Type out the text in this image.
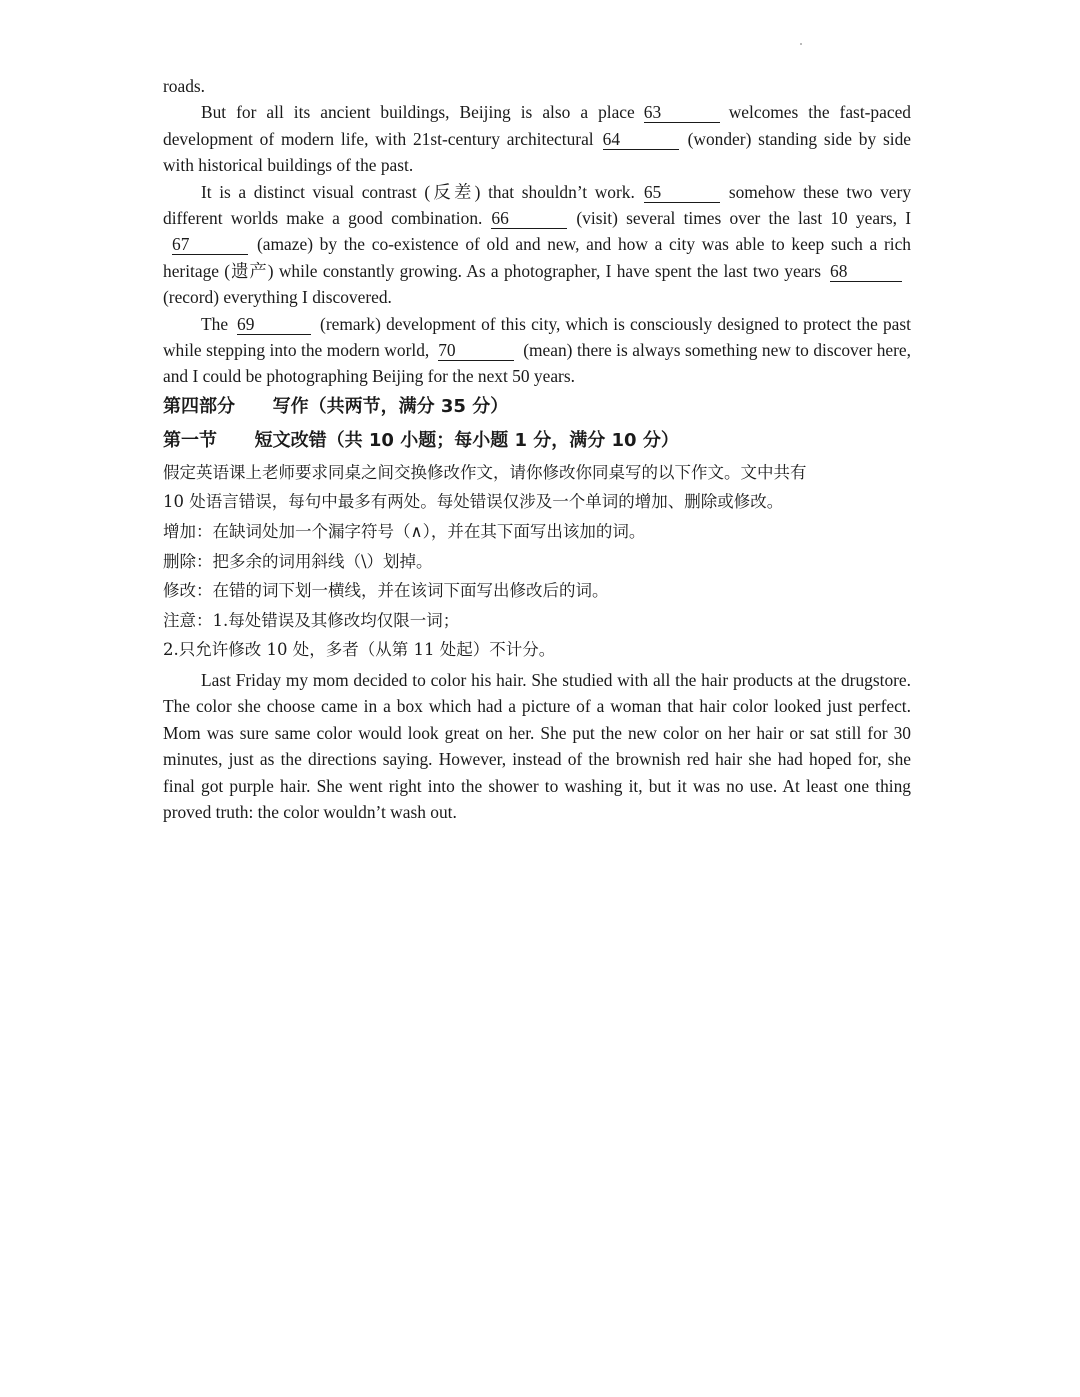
roads.

But for all its ancient buildings, Beijing is also a place 63	welcomes the fast-paced development of modern life, with 21st-century architectural 64	(wonder) standing side by side with historical buildings of the past.

It is a distinct visual contrast (反差) that shouldn’t work. 65	somehow these two very different worlds make a good combination. 66	(visit) several times over the last 10 years, I67	(amaze) by the co-existence of old and new, and how a city was able to keep such a rich heritage (遗产) while constantly growing. As a photographer, I have spent the last two years 68(record) everything I discovered.

The 69	(remark) development of this city, which is consciously designed to protect the past while stepping into the modern world, 70	(mean) there is always something new to discover here, and I could be photographing Beijing for the next 50 years.

第四部分 写作（共两节，满分 35 分）

第一节 短文改错（共 10 小题；每小题 1 分，满分 10 分）

假定英语课上老师要求同桌之间交换修改作文，请你修改你同桌写的以下作文。文中共有

10 处语言错误，每句中最多有两处。每处错误仅涉及一个单词的增加、删除或修改。

增加：在缺词处加一个漏字符号（∧），并在其下面写出该加的词。

删除：把多余的词用斜线（\）划掉。

修改：在错的词下划一横线，并在该词下面写出修改后的词。

注意：1.每处错误及其修改均仅限一词；

2.只允许修改 10 处，多者（从第 11 处起）不计分。

Last Friday my mom decided to color his hair. She studied with all the hair products at the drugstore. The color she choose came in a box which had a picture of a woman that hair color looked just perfect. Mom was sure same color would look great on her. She put the new color on her hair or sat still for 30 minutes, just as the directions saying. However, instead of the brownish red hair she had hoped for, she final got purple hair. She went right into the shower to washing it, but it was no use. At least one thing proved truth: the color wouldn’t wash out.
